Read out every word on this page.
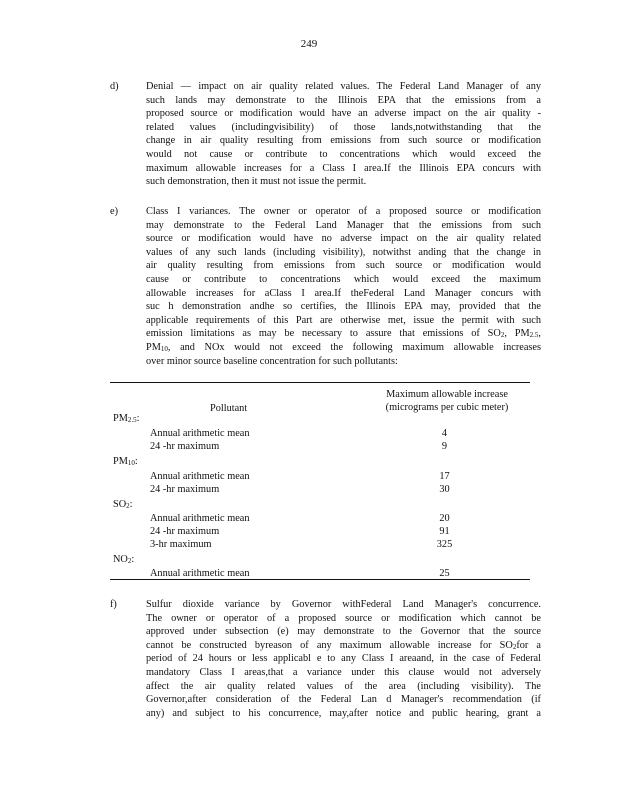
249
d)	Denial — impact on air quality related values. The Federal Land Manager of any
such lands may demonstrate to the Illinois EPA that the emissions from a
proposed source or modification would have an adverse impact on the air quality -
related values (includingvisibility) of those lands,notwithstanding that the
change in air quality resulting from emissions from such source or modification
would not cause or contribute to concentrations which would exceed the
maximum allowable increases for a Class I area.If the Illinois EPA concurs with
such demonstration, then it must not issue the permit.
e)	Class I variances. The owner or operator of a proposed source or modification
may demonstrate to the Federal Land Manager that the emissions from such
source or modification would have no adverse impact on the air quality related
values of any such lands (including visibility), notwithst anding that the change in
air quality resulting from emissions from such source or modification would
cause or contribute to concentrations which would exceed the maximum
allowable increases for aClass I area.If theFederal Land Manager concurs with
suc h demonstration andhe so certifies, the Illinois EPA may, provided that the
applicable requirements of this Part are otherwise met, issue the permit with such
emission limitations as may be necessary to assure that emissions of $SO_2$, $PM_{2.5}$,
$PM_{10}$, and NOx would not exceed the following maximum allowable increases
over minor source baseline concentration for such pollutants:
Pollutant
Maximum allowable increase
(micrograms per cubic meter)
$PM_{2.5}$:
Annual arithmetic mean	4
24 -hr maximum	9
$PM_{10}$:
Annual arithmetic mean	17
24 -hr maximum	30
$SO_2$:
Annual arithmetic mean	20
24 -hr maximum	91
3-hr maximum	325
$NO_2$:
Annual arithmetic mean	25
f)	Sulfur dioxide variance by Governor withFederal Land Manager's concurrence.
The owner or operator of a proposed source or modification which cannot be
approved under subsection (e) may demonstrate to the Governor that the source
cannot be constructed byreason of any maximum allowable increase for $SO_2for$ a
period of 24 hours or less applicabl e to any Class I areaand, in the case of Federal
mandatory Class I areas,that a variance under this clause would not adversely
affect the air quality related values of the area (including visibility). The
Governor,after consideration of the Federal Lan d Manager's recommendation (if
any) and subject to his concurrence, may,after notice and public hearing, grant a
